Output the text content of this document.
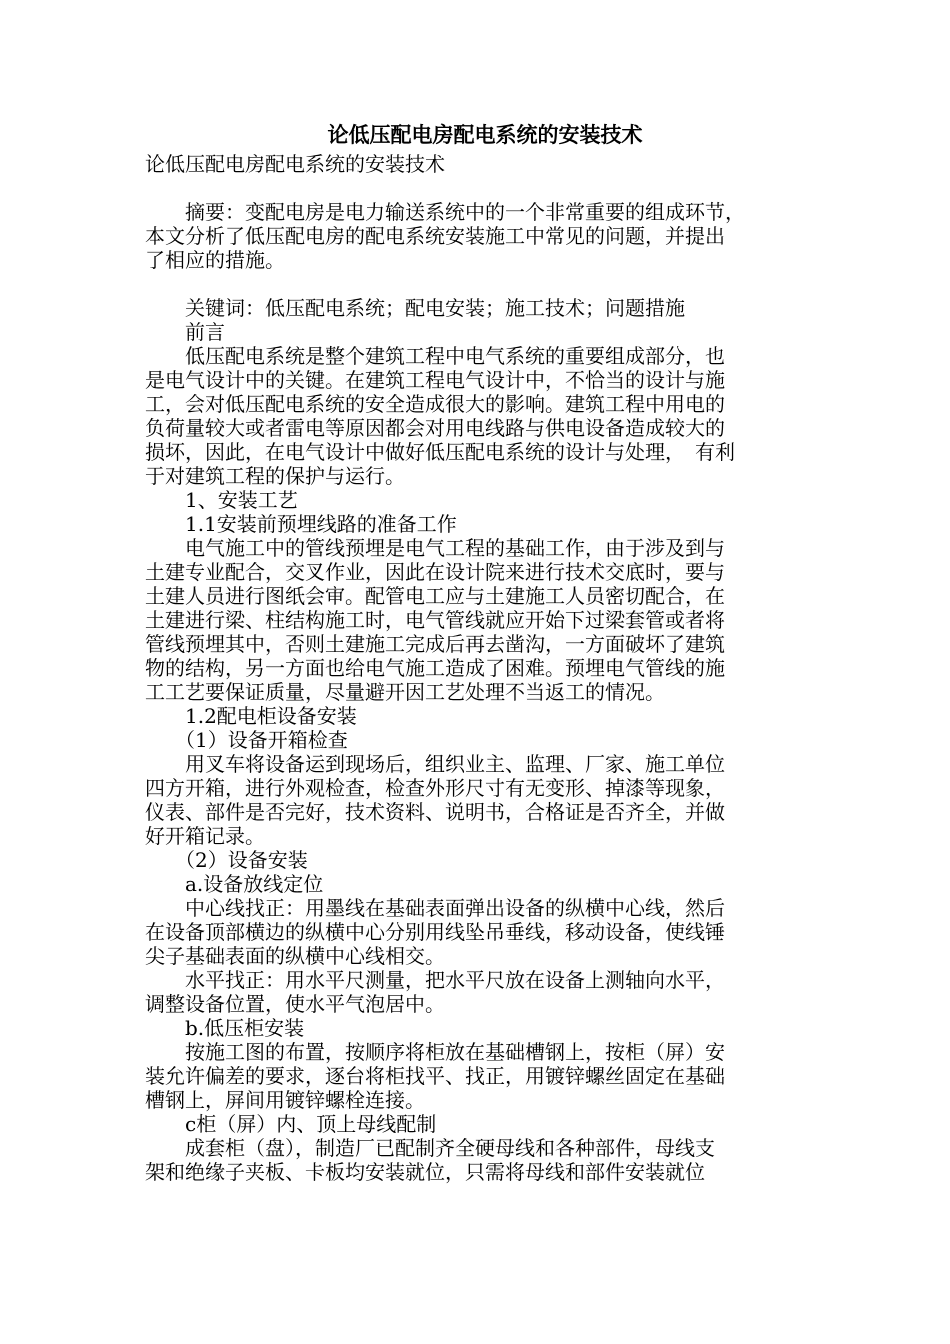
论低压配电房配电系统的安装技术

论低压配电房配电系统的安装技术

　　摘要：变配电房是电力输送系统中的一个非常重要的组成环节，

本文分析了低压配电房的配电系统安装施工中常见的问题，并提出

了相应的措施。

　　关键词：低压配电系统；配电安装；施工技术；问题措施

　　前言

　　低压配电系统是整个建筑工程中电气系统的重要组成部分，也

是电气设计中的关键。在建筑工程电气设计中，不恰当的设计与施

工，会对低压配电系统的安全造成很大的影响。建筑工程中用电的

负荷量较大或者雷电等原因都会对用电线路与供电设备造成较大的

损坏，因此，在电气设计中做好低压配电系统的设计与处理，　有利

于对建筑工程的保护与运行。

　　1、安装工艺

　　1.1安装前预埋线路的准备工作

　　电气施工中的管线预埋是电气工程的基础工作，由于涉及到与

土建专业配合，交叉作业，因此在设计院来进行技术交底时，要与

土建人员进行图纸会审。配管电工应与土建施工人员密切配合，在

土建进行梁、柱结构施工时，电气管线就应开始下过梁套管或者将

管线预埋其中，否则土建施工完成后再去凿沟，一方面破坏了建筑

物的结构，另一方面也给电气施工造成了困难。预埋电气管线的施

工工艺要保证质量，尽量避开因工艺处理不当返工的情况。

　　1.2配电柜设备安装

　　（1）设备开箱检查

　　用叉车将设备运到现场后，组织业主、监理、厂家、施工单位

四方开箱，进行外观检查，检查外形尺寸有无变形、掉漆等现象，

仪表、部件是否完好，技术资料、说明书，合格证是否齐全，并做

好开箱记录。

　　（2）设备安装

　　a.设备放线定位

　　中心线找正：用墨线在基础表面弹出设备的纵横中心线，然后

在设备顶部横边的纵横中心分别用线坠吊垂线，移动设备，使线锤

尖子基础表面的纵横中心线相交。

　　水平找正：用水平尺测量，把水平尺放在设备上测轴向水平，

调整设备位置，使水平气泡居中。

　　b.低压柜安装

　　按施工图的布置，按顺序将柜放在基础槽钢上，按柜（屏）安

装允许偏差的要求，逐台将柜找平、找正，用镀锌螺丝固定在基础

槽钢上，屏间用镀锌螺栓连接。

　　c柜（屏）内、顶上母线配制

　　成套柜（盘），制造厂已配制齐全硬母线和各种部件，母线支

架和绝缘子夹板、卡板均安装就位，只需将母线和部件安装就位
